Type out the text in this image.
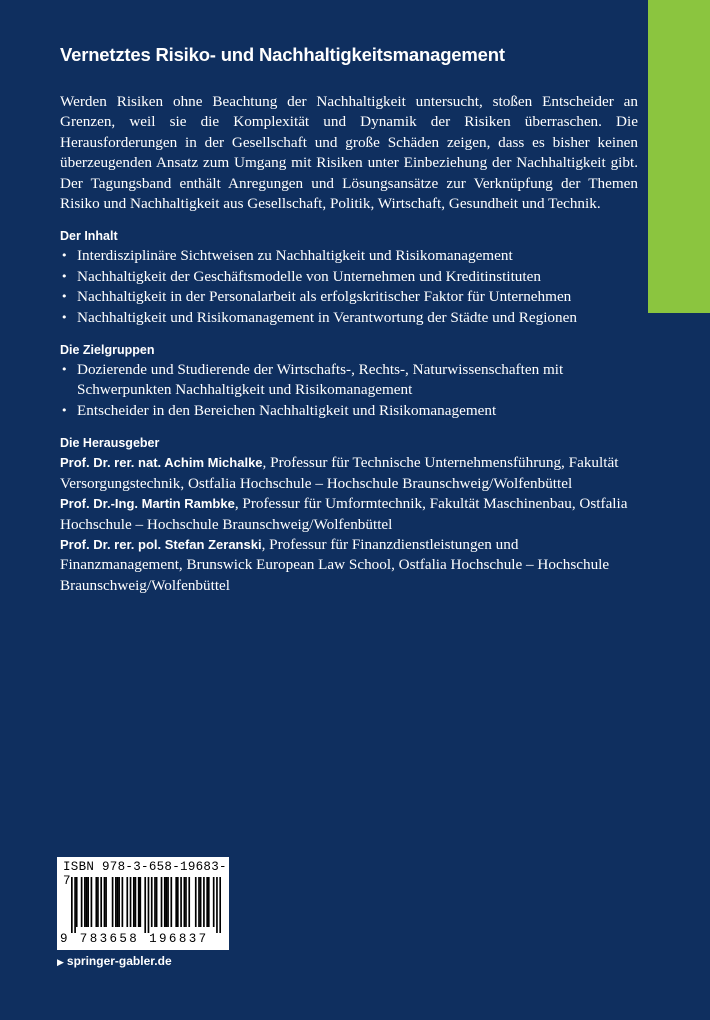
Vernetztes Risiko- und Nachhaltigkeitsmanagement

Werden Risiken ohne Beachtung der Nachhaltigkeit untersucht, stoßen Entscheider an Grenzen, weil sie die Komplexität und Dynamik der Risiken überraschen. Die Herausforderungen in der Gesellschaft und große Schäden zeigen, dass es bisher keinen überzeugenden Ansatz zum Umgang mit Risiken unter Einbeziehung der Nachhaltigkeit gibt. Der Tagungsband enthält Anregungen und Lösungsansätze zur Verknüpfung der Themen Risiko und Nachhaltigkeit aus Gesellschaft, Politik, Wirtschaft, Gesundheit und Technik.

Der Inhalt
• Interdisziplinäre Sichtweisen zu Nachhaltigkeit und Risikomanagement
• Nachhaltigkeit der Geschäftsmodelle von Unternehmen und Kreditinstituten
• Nachhaltigkeit in der Personalarbeit als erfolgskritischer Faktor für Unternehmen
• Nachhaltigkeit und Risikomanagement in Verantwortung der Städte und Regionen
Die Zielgruppen
• Dozierende und Studierende der Wirtschafts-, Rechts-, Naturwissenschaften mit Schwerpunkten Nachhaltigkeit und Risikomanagement
• Entscheider in den Bereichen Nachhaltigkeit und Risikomanagement
Die Herausgeber

Prof. Dr. rer. nat. Achim Michalke, Professur für Technische Unternehmensführung, Fakultät Versorgungstechnik, Ostfalia Hochschule – Hochschule Braunschweig/Wolfenbüttel

Prof. Dr.-Ing. Martin Rambke, Professur für Umformtechnik, Fakultät Maschinenbau, Ostfalia Hochschule – Hochschule Braunschweig/Wolfenbüttel

Prof. Dr. rer. pol. Stefan Zeranski, Professur für Finanzdienstleistungen und Finanzmanagement, Brunswick European Law School, Ostfalia Hochschule – Hochschule Braunschweig/Wolfenbüttel

ISBN 978-3-658-19683-7
9 783658 196837
▶ springer-gabler.de
